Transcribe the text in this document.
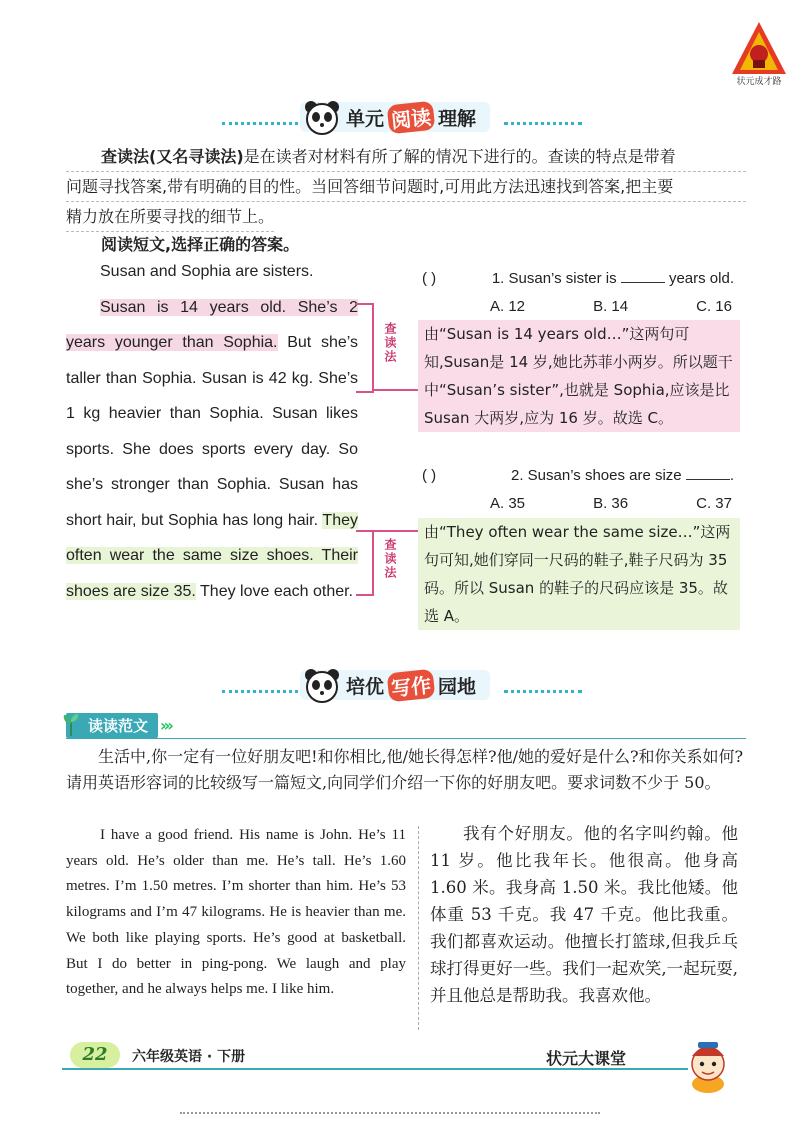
状元成才路
单元 阅读 理解
查读法(又名寻读法)是在读者对材料有所了解的情况下进行的。查读的特点是带着
问题寻找答案,带有明确的目的性。当回答细节问题时,可用此方法迅速找到答案,把主要
精力放在所要寻找的细节上。
阅读短文,选择正确的答案。

Susan and Sophia are sisters.

Susan is 14 years old. She’s 2 years younger than Sophia. But she’s taller than Sophia. Susan is 42 kg. She’s 1 kg heavier than Sophia. Susan likes sports. She does sports every day. So she’s stronger than Sophia. Susan has short hair, but Sophia has long hair. They often wear the same size shoes. Their shoes are size 35. They love each other.

查读法
查读法
( )	1. Susan’s sister is	years old.
A. 12	B. 14	C. 16
由“Susan is 14 years old…”这两句可知,Susan是 14 岁,她比苏菲小两岁。所以题干中“Susan’s sister”,也就是 Sophia,应该是比 Susan 大两岁,应为 16 岁。故选 C。
( )	2. Susan’s shoes are size	.
A. 35	B. 36	C. 37
由“They often wear the same size…”这两句可知,她们穿同一尺码的鞋子,鞋子尺码为 35 码。所以 Susan 的鞋子的尺码应该是 35。故选 A。
培优 写作 园地
读读范文 ›››
生活中,你一定有一位好朋友吧!和你相比,他/她长得怎样?他/她的爱好是什么?和你关系如何?请用英语形容词的比较级写一篇短文,向同学们介绍一下你的好朋友吧。要求词数不少于 50。
I have a good friend. His name is John. He’s 11 years old. He’s older than me. He’s tall. He’s 1.60 metres. I’m 1.50 metres. I’m shorter than him. He’s 53 kilograms and I’m 47 kilograms. He is heavier than me. We both like playing sports. He’s good at basketball. But I do better in ping-pong. We laugh and play together, and he always helps me. I like him.
我有个好朋友。他的名字叫约翰。他11 岁。他比我年长。他很高。他身高 1.60 米。我身高 1.50 米。我比他矮。他体重 53 千克。我 47 千克。他比我重。我们都喜欢运动。他擅长打篮球,但我乒乓球打得更好一些。我们一起欢笑,一起玩耍,并且他总是帮助我。我喜欢他。
22	六年级英语 · 下册	状元大课堂
